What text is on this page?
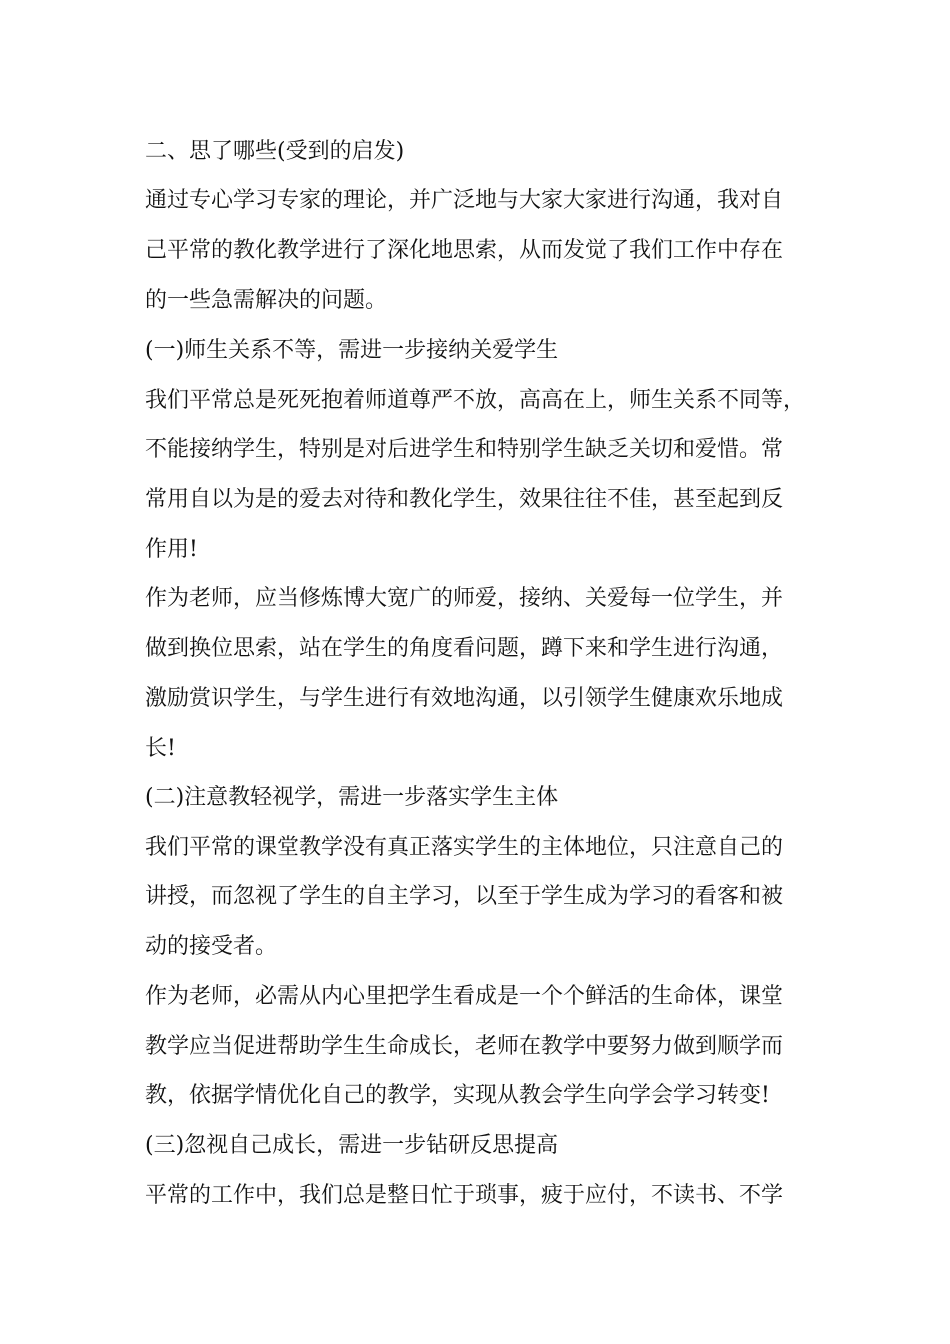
二、思了哪些(受到的启发)

通过专心学习专家的理论，并广泛地与大家大家进行沟通，我对自

己平常的教化教学进行了深化地思索，从而发觉了我们工作中存在

的一些急需解决的问题。

(一)师生关系不等，需进一步接纳关爱学生

我们平常总是死死抱着师道尊严不放，高高在上，师生关系不同等，

不能接纳学生，特别是对后进学生和特别学生缺乏关切和爱惜。常

常用自以为是的爱去对待和教化学生，效果往往不佳，甚至起到反

作用!

作为老师，应当修炼博大宽广的师爱，接纳、关爱每一位学生，并

做到换位思索，站在学生的角度看问题，蹲下来和学生进行沟通，

激励赏识学生，与学生进行有效地沟通，以引领学生健康欢乐地成

长!

(二)注意教轻视学，需进一步落实学生主体

我们平常的课堂教学没有真正落实学生的主体地位，只注意自己的

讲授，而忽视了学生的自主学习，以至于学生成为学习的看客和被

动的接受者。

作为老师，必需从内心里把学生看成是一个个鲜活的生命体，课堂

教学应当促进帮助学生生命成长，老师在教学中要努力做到顺学而

教，依据学情优化自己的教学，实现从教会学生向学会学习转变!

(三)忽视自己成长，需进一步钻研反思提高

平常的工作中，我们总是整日忙于琐事，疲于应付，不读书、不学
